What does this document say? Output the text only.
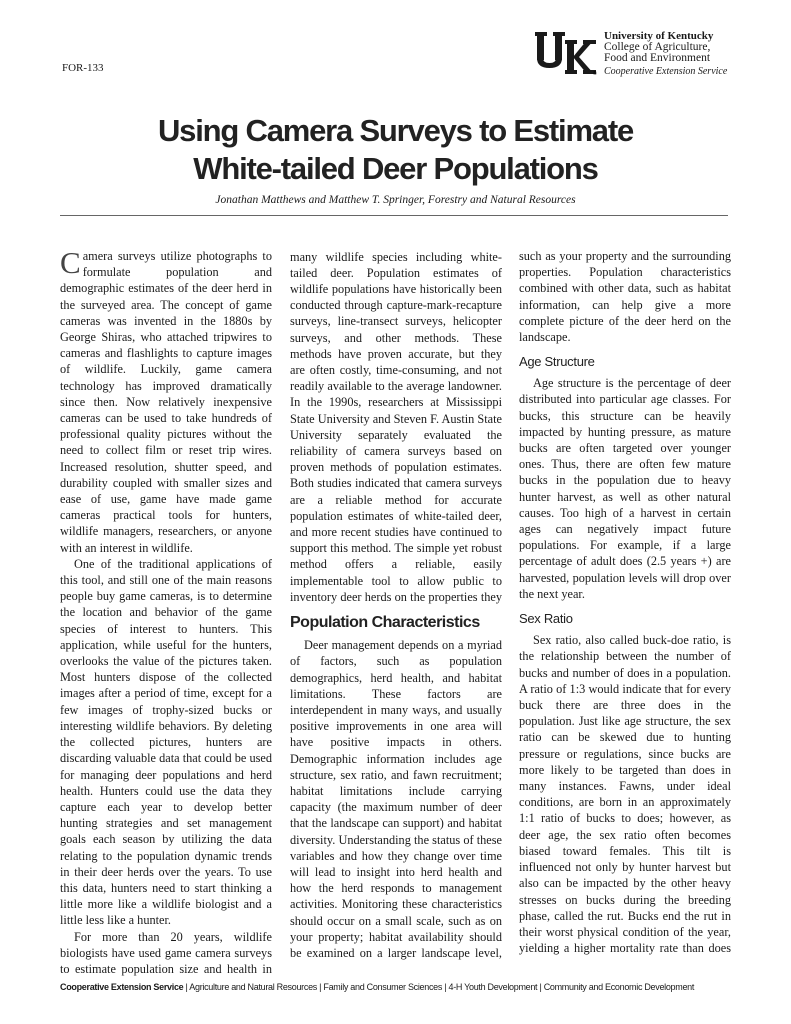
FOR-133	®
University of Kentucky
College of Agriculture,
Food and Environment
Cooperative Extension Service
Using Camera Surveys to Estimate
White-tailed Deer Populations
Jonathan Matthews and Matthew T. Springer, Forestry and Natural Resources

Camera surveys utilize photographs to formulate population and demographic estimates of the deer herd in the surveyed area. The concept of game cameras was invented in the 1880s by George Shiras, who attached tripwires to cameras and flashlights to capture images of wildlife. Luckily, game camera technology has improved dramatically since then. Now relatively inexpensive cameras can be used to take hundreds of professional quality pictures without the need to collect film or reset trip wires. Increased resolution, shutter speed, and durability coupled with smaller sizes and ease of use, game have made game cameras practical tools for hunters, wildlife managers, researchers, or anyone with an interest in wildlife.

One of the traditional applications of this tool, and still one of the main reasons people buy game cameras, is to determine the location and behavior of the game species of interest to hunters. This application, while useful for the hunters, overlooks the value of the pictures taken. Most hunters dispose of the collected images after a period of time, except for a few images of trophy-sized bucks or interesting wildlife behaviors. By deleting the collected pictures, hunters are discarding valuable data that could be used for managing deer populations and herd health. Hunters could use the data they capture each year to develop better hunting strategies and set management goals each season by utilizing the data relating to the population dynamic trends in their deer herds over the years. To use this data, hunters need to start thinking a little more like a wildlife biologist and a little less like a hunter.

For more than 20 years, wildlife biologists have used game camera surveys to estimate population size and health in

many wildlife species including white-tailed deer. Population estimates of wildlife populations have historically been conducted through capture-mark-recapture surveys, line-transect surveys, helicopter surveys, and other methods. These methods have proven accurate, but they are often costly, time-consuming, and not readily available to the average landowner. In the 1990s, researchers at Mississippi State University and Steven F. Austin State University separately evaluated the reliability of camera surveys based on proven methods of population estimates. Both studies indicated that camera surveys are a reliable method for accurate population estimates of white-tailed deer, and more recent studies have continued to support this method. The simple yet robust method offers a reliable, easily implementable tool to allow public to inventory deer herds on the properties they

Population Characteristics

Deer management depends on a myriad of factors, such as population demographics, herd health, and habitat limitations. These factors are interdependent in many ways, and usually positive improvements in one area will have positive impacts in others. Demographic information includes age structure, sex ratio, and fawn recruitment; habitat limitations include carrying capacity (the maximum number of deer that the landscape can support) and habitat diversity. Understanding the status of these variables and how they change over time will lead to insight into herd health and how the herd responds to management activities. Monitoring these characteristics should occur on a small scale, such as on your property; habitat availability should be examined on a larger landscape level,

such as your property and the surrounding properties. Population characteristics combined with other data, such as habitat information, can help give a more complete picture of the deer herd on the landscape.

Age Structure

Age structure is the percentage of deer distributed into particular age classes. For bucks, this structure can be heavily impacted by hunting pressure, as mature bucks are often targeted over younger ones. Thus, there are often few mature bucks in the population due to heavy hunter harvest, as well as other natural causes. Too high of a harvest in certain ages can negatively impact future populations. For example, if a large percentage of adult does (2.5 years +) are harvested, population levels will drop over the next year.

Sex Ratio

Sex ratio, also called buck-doe ratio, is the relationship between the number of bucks and number of does in a population. A ratio of 1:3 would indicate that for every buck there are three does in the population. Just like age structure, the sex ratio can be skewed due to hunting pressure or regulations, since bucks are more likely to be targeted than does in many instances. Fawns, under ideal conditions, are born in an approximately 1:1 ratio of bucks to does; however, as deer age, the sex ratio often becomes biased toward females. This tilt is influenced not only by hunter harvest but also can be impacted by the other heavy stresses on bucks during the breeding phase, called the rut. Bucks end the rut in their worst physical condition of the year, yielding a higher mortality rate than does

Cooperative Extension Service | Agriculture and Natural Resources | Family and Consumer Sciences | 4-H Youth Development | Community and Economic Development
